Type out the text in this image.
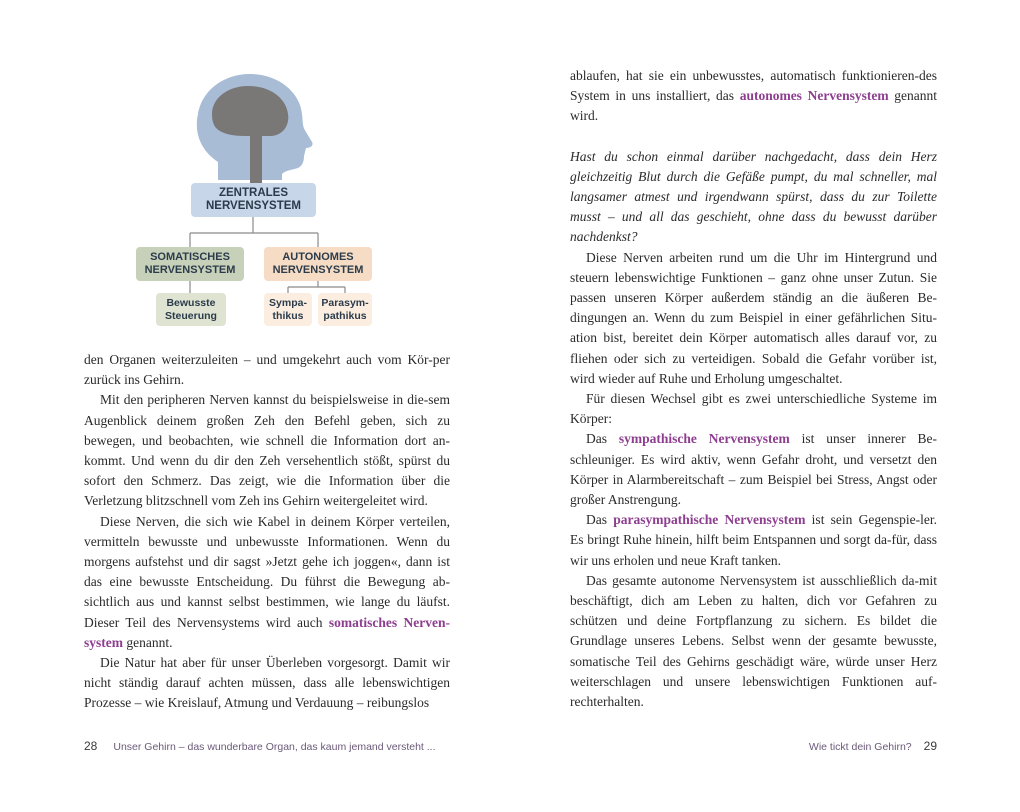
ZENTRALES
NERVENSYSTEM
SOMATISCHES
NERVENSYSTEM
AUTONOMES
NERVENSYSTEM
Bewusste
Steuerung
Sympa-
thikus
Parasym-
pathikus

den Organen weiterzuleiten – und umgekehrt auch vom Kör-per zurück ins Gehirn.

Mit den peripheren Nerven kannst du beispielsweise in die-sem Augenblick deinem großen Zeh den Befehl geben, sich zu bewegen, und beobachten, wie schnell die Information dort an-kommt. Und wenn du dir den Zeh versehentlich stößt, spürst du sofort den Schmerz. Das zeigt, wie die Information über die Verletzung blitzschnell vom Zeh ins Gehirn weitergeleitet wird.

Diese Nerven, die sich wie Kabel in deinem Körper verteilen, vermitteln bewusste und unbewusste Informationen. Wenn du morgens aufstehst und dir sagst »Jetzt gehe ich joggen«, dann ist das eine bewusste Entscheidung. Du führst die Bewegung ab-sichtlich aus und kannst selbst bestimmen, wie lange du läufst. Dieser Teil des Nervensystems wird auch somatisches Nerven-system genannt.

Die Natur hat aber für unser Überleben vorgesorgt. Damit wir nicht ständig darauf achten müssen, dass alle lebenswichtigen Prozesse – wie Kreislauf, Atmung und Verdauung – reibungslos

28 Unser Gehirn – das wunderbare Organ, das kaum jemand versteht ...

ablaufen, hat sie ein unbewusstes, automatisch funktionieren-des System in uns installiert, das autonomes Nervensystem genannt wird.

Hast du schon einmal darüber nachgedacht, dass dein Herz gleichzeitig Blut durch die Gefäße pumpt, du mal schneller, mal langsamer atmest und irgendwann spürst, dass du zur Toilette musst – und all das geschieht, ohne dass du bewusst darüber nachdenkst?

Diese Nerven arbeiten rund um die Uhr im Hintergrund und steuern lebenswichtige Funktionen – ganz ohne unser Zutun. Sie passen unseren Körper außerdem ständig an die äußeren Be-dingungen an. Wenn du zum Beispiel in einer gefährlichen Situ-ation bist, bereitet dein Körper automatisch alles darauf vor, zu fliehen oder sich zu verteidigen. Sobald die Gefahr vorüber ist, wird wieder auf Ruhe und Erholung umgeschaltet.

Für diesen Wechsel gibt es zwei unterschiedliche Systeme im Körper:

Das sympathische Nervensystem ist unser innerer Be-schleuniger. Es wird aktiv, wenn Gefahr droht, und versetzt den Körper in Alarmbereitschaft – zum Beispiel bei Stress, Angst oder großer Anstrengung.

Das parasympathische Nervensystem ist sein Gegenspie-ler. Es bringt Ruhe hinein, hilft beim Entspannen und sorgt da-für, dass wir uns erholen und neue Kraft tanken.

Das gesamte autonome Nervensystem ist ausschließlich da-mit beschäftigt, dich am Leben zu halten, dich vor Gefahren zu schützen und deine Fortpflanzung zu sichern. Es bildet die Grundlage unseres Lebens. Selbst wenn der gesamte bewusste, somatische Teil des Gehirns geschädigt wäre, würde unser Herz weiterschlagen und unsere lebenswichtigen Funktionen auf-rechterhalten.

Wie tickt dein Gehirn? 29
